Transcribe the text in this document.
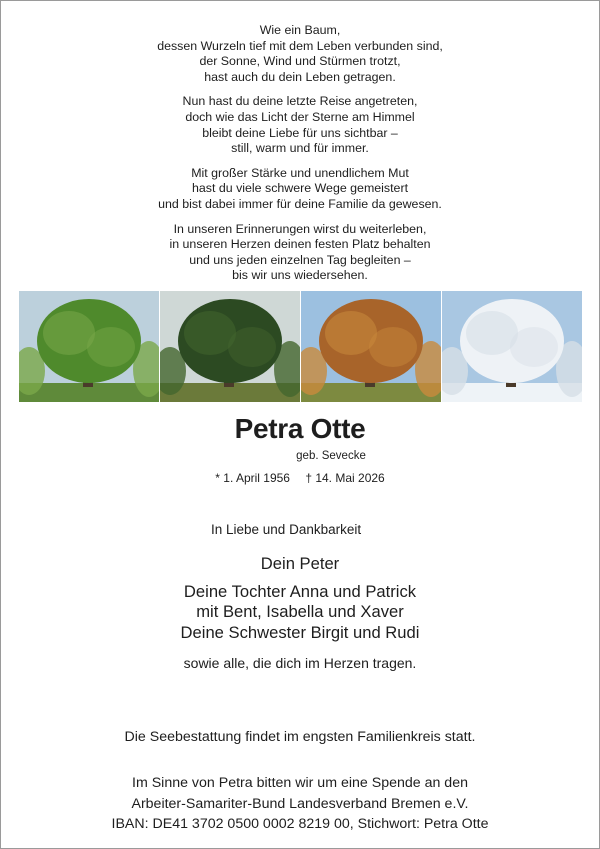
Wie ein Baum,
dessen Wurzeln tief mit dem Leben verbunden sind,
der Sonne, Wind und Stürmen trotzt,
hast auch du dein Leben getragen.
Nun hast du deine letzte Reise angetreten,
doch wie das Licht der Sterne am Himmel
bleibt deine Liebe für uns sichtbar –
still, warm und für immer.
Mit großer Stärke und unendlichem Mut
hast du viele schwere Wege gemeistert
und bist dabei immer für deine Familie da gewesen.
In unseren Erinnerungen wirst du weiterleben,
in unseren Herzen deinen festen Platz behalten
und uns jeden einzelnen Tag begleiten –
bis wir uns wiedersehen.
Petra Otte
geb. Sevecke
* 1. April 1956 † 14. Mai 2026
In Liebe und Dankbarkeit
Dein Peter
Deine Tochter Anna und Patrick
mit Bent, Isabella und Xaver
Deine Schwester Birgit und Rudi
sowie alle, die dich im Herzen tragen.
Die Seebestattung findet im engsten Familienkreis statt.
Im Sinne von Petra bitten wir um eine Spende an den
Arbeiter-Samariter-Bund Landesverband Bremen e.V.
IBAN: DE41 3702 0500 0002 8219 00, Stichwort: Petra Otte
